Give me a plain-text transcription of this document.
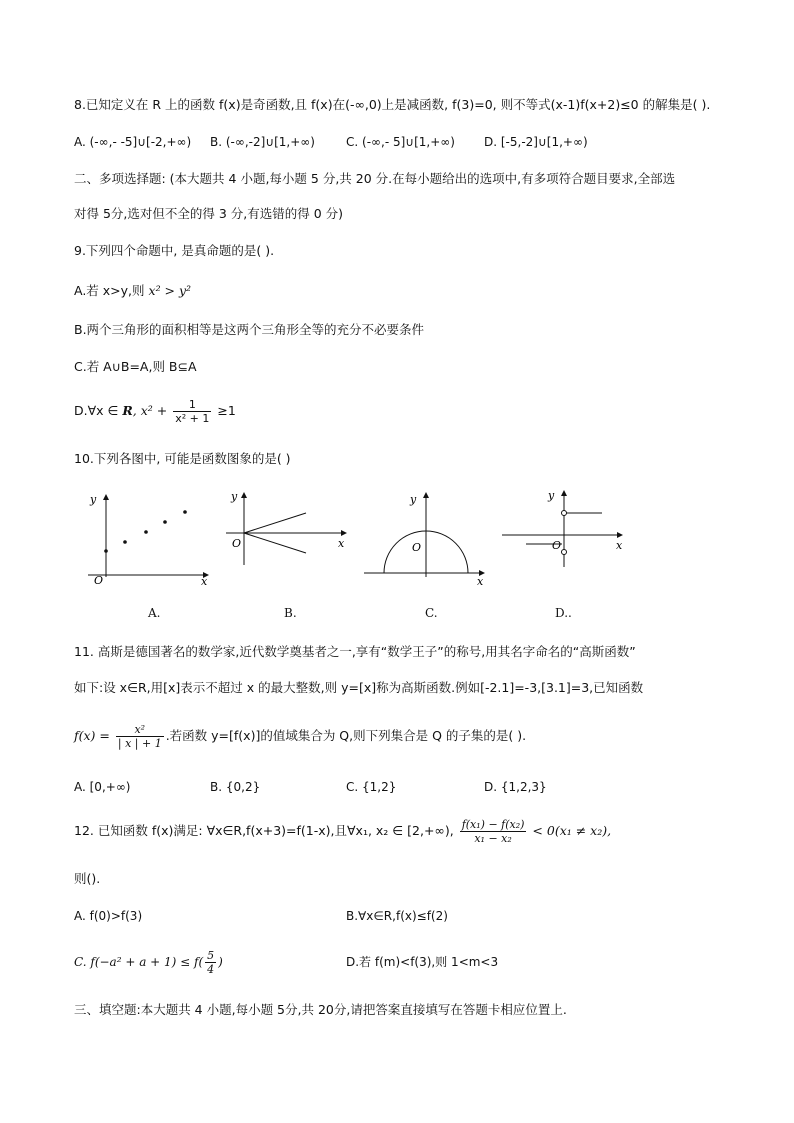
8.已知定义在 R 上的函数 f(x)是奇函数,且 f(x)在(-∞,0)上是减函数, f(3)=0, 则不等式(x-1)f(x+2)≤0 的解集是( ).
A. (-∞,- -5]∪[-2,+∞) B. (-∞,-2]∪[1,+∞)	C. (-∞,- 5]∪[1,+∞) D. [-5,-2]∪[1,+∞)
二、多项选择题: (本大题共 4 小题,每小题 5 分,共 20 分.在每小题给出的选项中,有多项符合题目要求,全部选
对得 5分,选对但不全的得 3 分,有选错的得 0 分)
9.下列四个命题中, 是真命题的是( ).
A.若 x>y,则 x² > y²
B.两个三角形的面积相等是这两个三角形全等的充分不必要条件
C.若 A∪B=A,则 B⊆A
D.∀x ∈ R, $x^2 + \frac{1}{\text{x² + 1}} \ge 1$
10.下列各图中, 可能是函数图象的是( )
y
x
O
A.
y
x
O
B.
y
x
O
C.
y
x
O
D..
11. 高斯是德国著名的数学家,近代数学奠基者之一,享有“数学王子”的称号,用其名字命名的“高斯函数”
如下:设 x∈R,用[x]表示不超过 x 的最大整数,则 y=[x]称为高斯函数.例如[-2.1]=-3,[3.1]=3,已知函数
$f(x) = \frac{\text{x²}}{| x | + 1}$ .若函数 y=[f(x)]的值域集合为 Q,则下列集合是 Q 的子集的是( ).
A. [0,+∞)	B. {0,2}	C. {1,2}	D. {1,2,3}
12. 已知函数 f(x)满足: ∀x∈R,f(x+3)=f(1-x),且∀x₁, x₂ ∈ [2,+∞), $\frac{\text{f(x₁) − f(x₂)}}{\text{x₁ − x₂}} < 0(x_1 \ne x_2)$,
则().
A. f(0)>f(3)	B.∀x∈R,f(x)≤f(2)
C. $f(-a^2 + a + 1) \le f( \frac{5}{4}$ )	D.若 f(m)<f(3),则 1<m<3
三、填空题:本大题共 4 小题,每小题 5分,共 20分,请把答案直接填写在答题卡相应位置上.
